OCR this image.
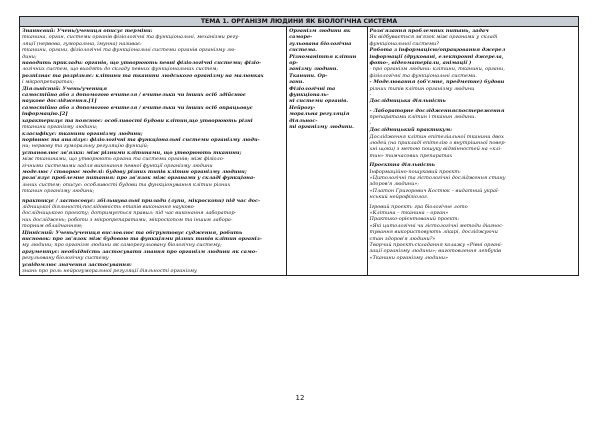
ТЕМА 1. ОРГАНІЗМ ЛЮДИНИ ЯК БІОЛОГІЧНА СИСТЕМА

Знаннєвий: Учень/учениця описує терміни:
тканина, орган, системи органів фізіологічні та функціональні, механізми регу-
ляції (нервова, гуморальна, імунна) називає:
тканини, органи, фізіологічні та функціональні системи органів організму лю-
дини;
наводить приклади: органів, що утворюють певні фізіологічні системи; фізіо-
логічних систем, що входять до складу певних функціональних систем;
розпізнає та розрізняє: клітини та тканини людського організму на малюнках
і мікропрепаратах;
Діяльнісний: Учень/учениця
самостійно або з допомогою вчителя / вчительки чи інших осіб здійснює
науковe дослідження.[1]
самостійно або з допомогою вчителя / вчительки чи інших осіб опрацьовує
інформацію.[2]
характеризує та пояснює: особливості будови клітин,що утворюють різні
тканини організму людини;
класифікує: тканини організму людини;
порівнює та аналізує: фізіологічні та функціональні системи організму люди-
ни; нервову та гуморальну регуляцію функцій;
установлює зв'язки: між різними клітинами, що утворюють тканини;
між тканинами, що утворюють органи та системи органів; між фізіоло-
гічними системами задля виконання певної функції організму людини
моделює / створює моделі: будову різних типів клітин організму людини;
розв'язує проблемне питання: про зв'язок між органами у складі функціона-
льних систем; описує: особливості будови та функціонування клітин різних
тканин організму людини;
практикує / застосовує: збільшувальні прилади (лупи, мікроскопи) під час дос-
лідницької діяльності;послідовність етапів виконання науково-
дослідницького проєкту; дотримується правил: під час виконання лаборатор-
них досліджень; роботи з мікропрепаратами, мікроскопом та іншим лабора-
торним обладнанням;
Ціннісний: Учень/учениця висловлює та обґрунтовує судження, робить
висновок: про зв'язок між будовою та функціями різних типів клітин організ-
му людини; про організм людини як саморегульовану біологічну систему;
аргументує: необхідність застосувати знання про організм людини як само-
регульовану біологічну систему
усвідомлює значення застосування:
знань про роль нейрогуморальної регуляції діяльності організму

Організм людини як саморе-
гульована біологічна система.
Різноманіття клітин ор-
ганізму людини. Тканини. Ор-
гани.
Фізіологічні та функціональ-
ні системи органів. Нейрогу-
моральна регуляція діяльнос-
ті організму людини.

Розв'язання проблемних питань, задач
Як відбувається зв'язок між органами у складі
функціональної системи?
Робота з інформацією/опрацювання джерел
інформації (друковані, електронні джерела,
фото-, відеоматеріали, анімації )
- про організм людини: клітини, тканини, органи,
фізіологічні та функціональні системи.
- Моделювання (об'ємне, предметне) будови
різних типів клітин організму людини
-
Дослідницька діяльність
- Лабораторне дослідженняспостереження
препаратами клітин і тканин людини.
-
Дослідницький практикум:
Дослідження клітин епітеліальної тканини двох
людей (на прикладі епітелію з внутрішньої повер-
хні щоки) з метою пошуку відмінностей на «клі-
тин» тимчасових препаратах
Проєктна діяльність
Інформаційно-пошуковий проєкт:
«Цитологічні та гістологічні дослідження стану
здоров'я людини»;
«Платон Григорович Костюк – видатний украї-
нський нейрофізіолог.
Ігровий проєкт: гра біологічне лото
«Клітина – тканина – орган»
Практико-орієнтований проєкт:
«Які цитологічні чи гістологічні методи діагнос-
тування використовують лікарі, досліджуючи
стан здоров'я людини?»
Творчий проєкт:складання колажу «Рівні органі-
зації організму людини»; виготовлення лепбуків
«Тканини організму людини»
12
